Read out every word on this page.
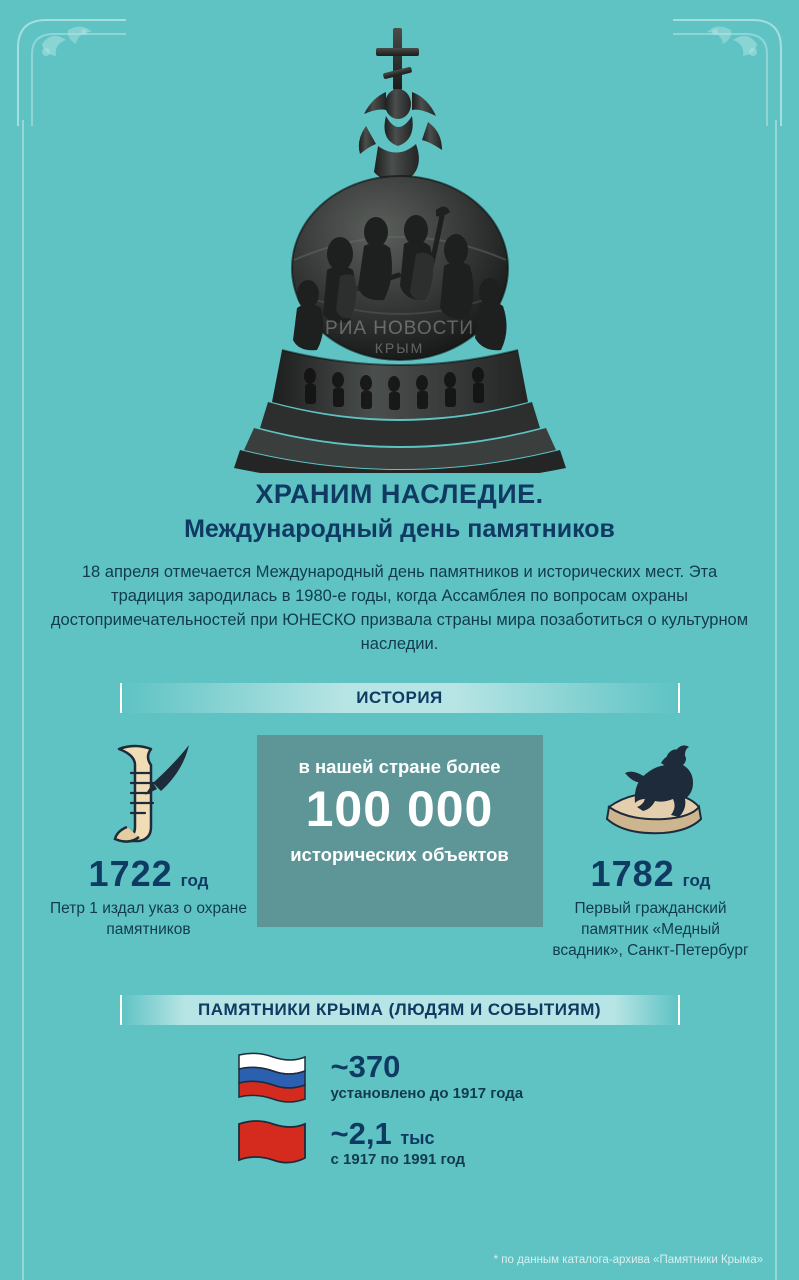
РИА НОВОСТИ
КРЫМ
ХРАНИМ НАСЛЕДИЕ.
Международный день памятников
18 апреля отмечается Международный день памятников и исторических мест. Эта традиция зародилась в 1980-е годы, когда Ассамблея по вопросам охраны достопримечательностей при ЮНЕСКО призвала страны мира позаботиться о культурном наследии.
ИСТОРИЯ
1722 год
Петр 1 издал указ о охране памятников
в нашей стране более
100 000
исторических объектов	1782 год
Первый гражданский памятник «Медный всадник», Санкт-Петербург
ПАМЯТНИКИ КРЫМА (ЛЮДЯМ И СОБЫТИЯМ)
~370
установлено до 1917 года
~2,1 тыс
с 1917 по 1991 год
* по данным каталога-архива «Памятники Крыма»
